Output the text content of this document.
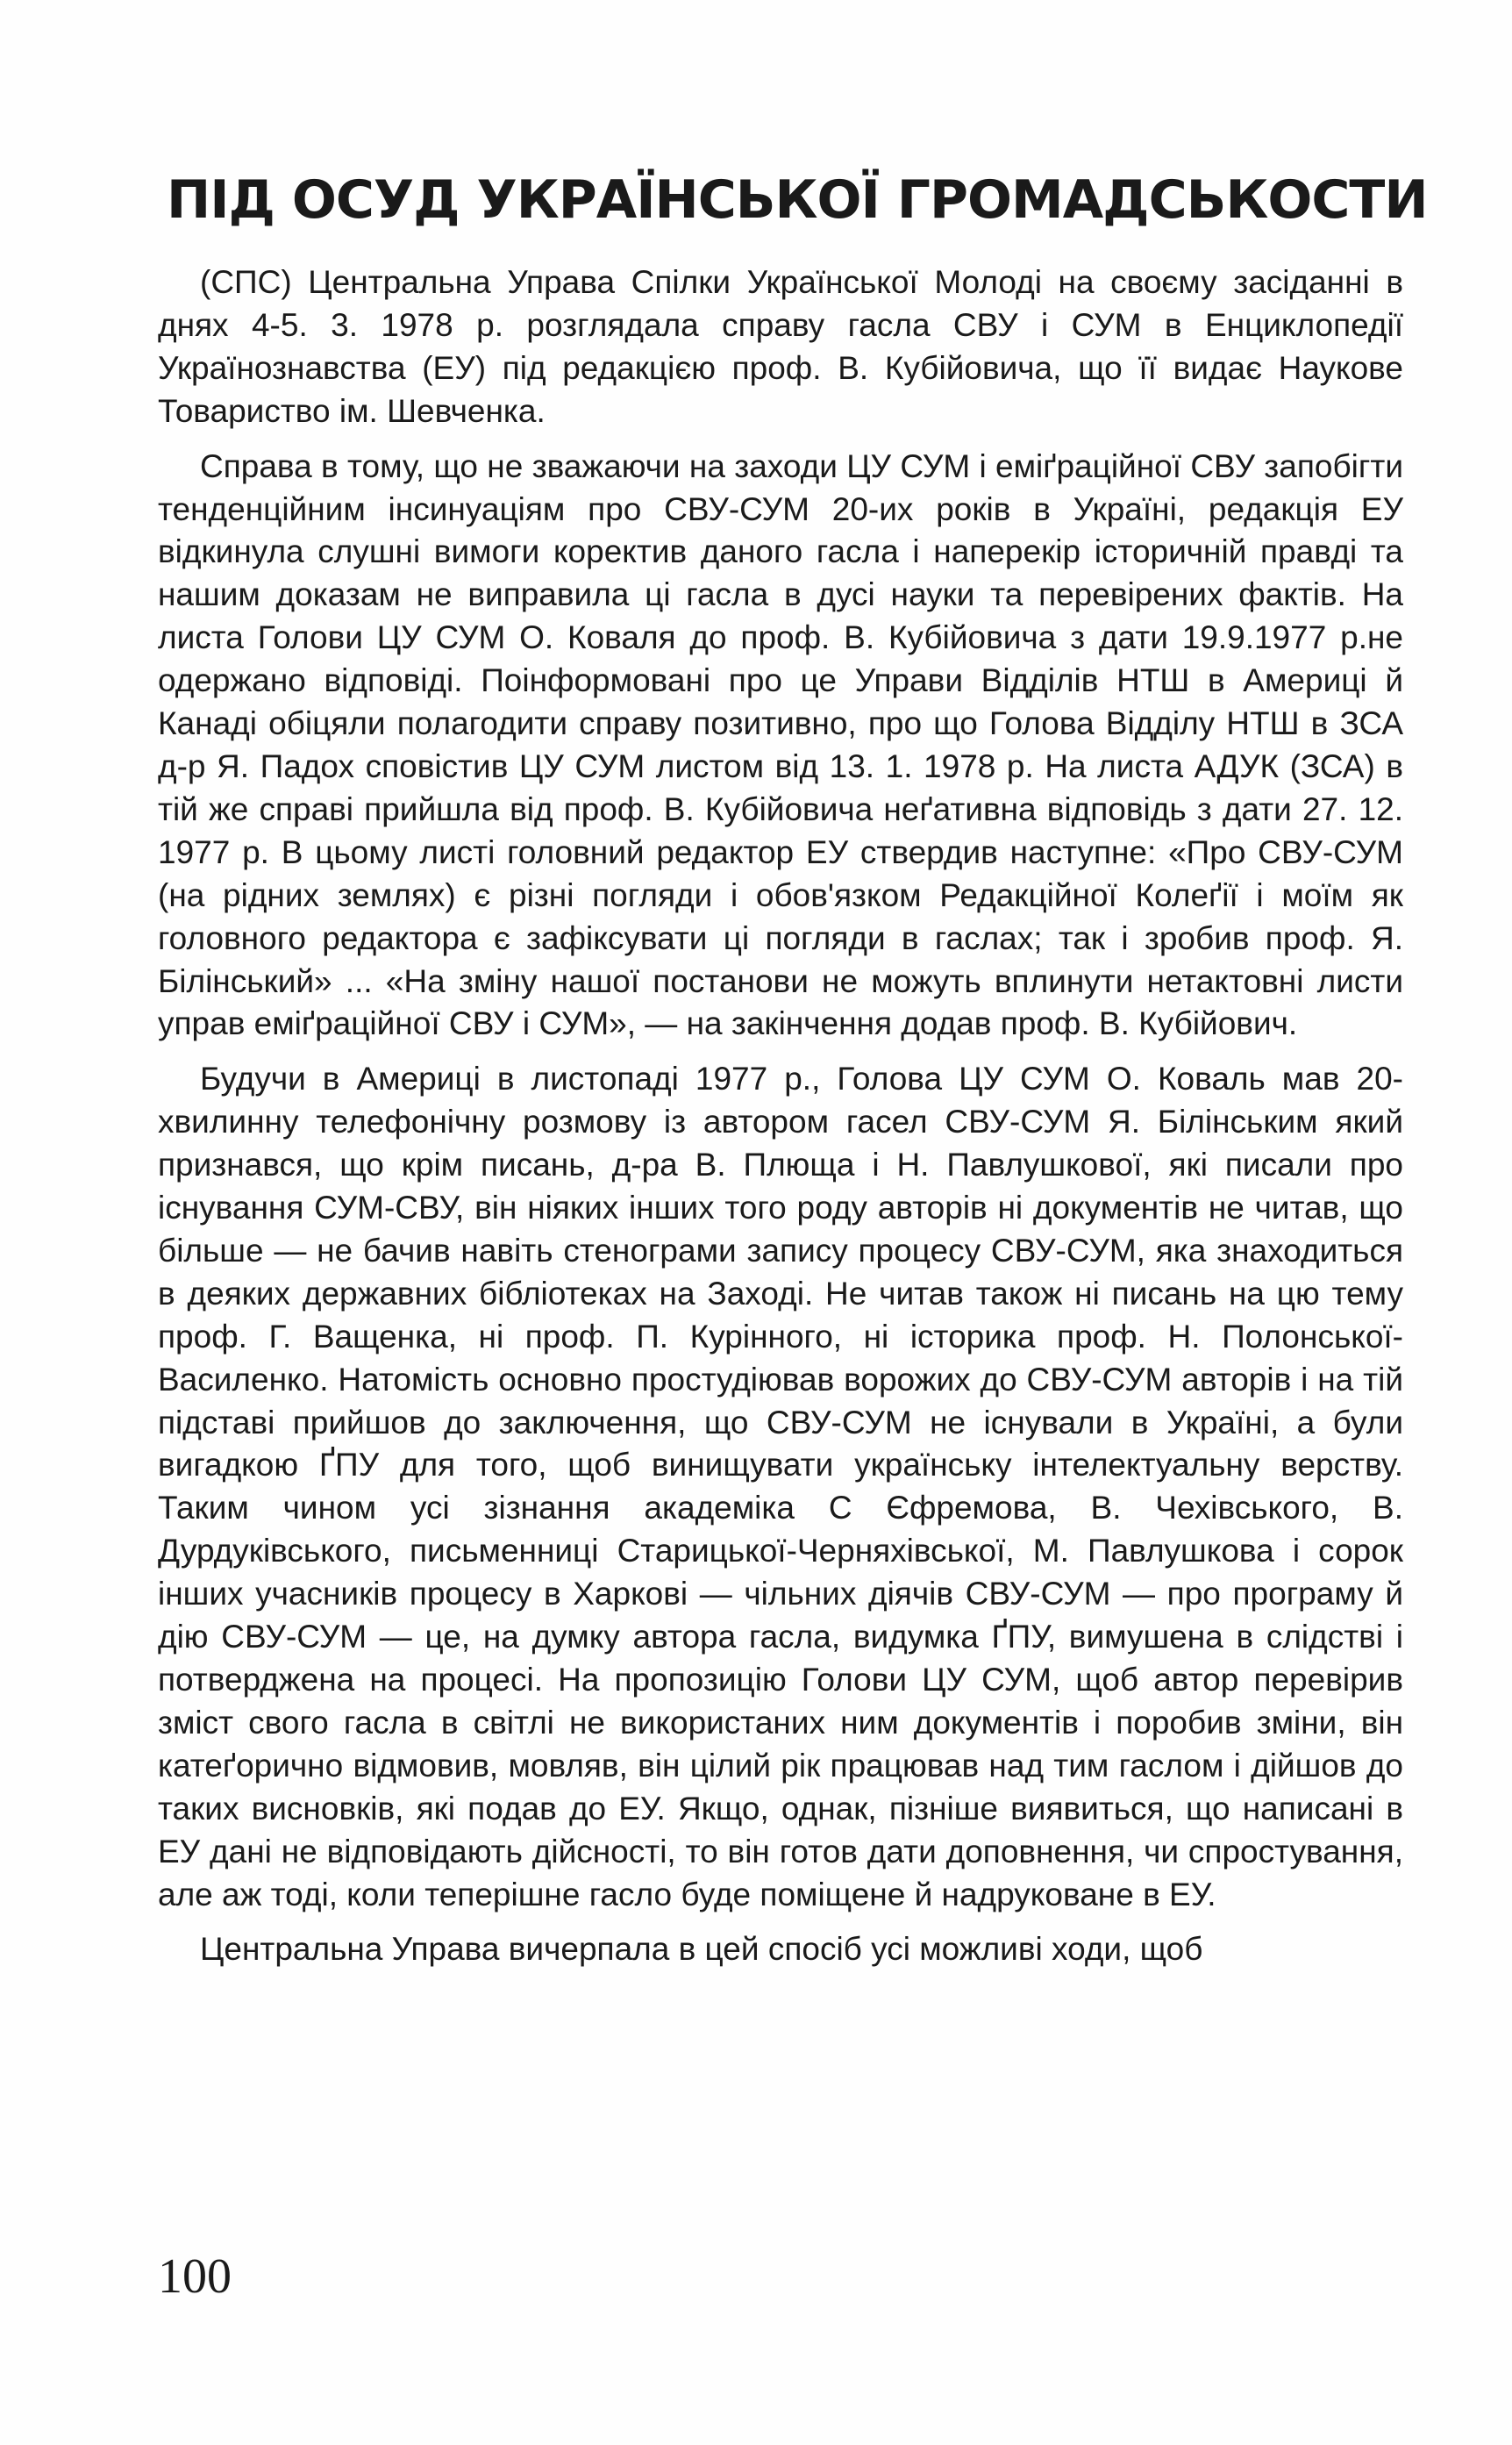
ПІД ОСУД УКРАЇНСЬКОЇ ГРОМАДСЬКОСТИ

(СПС) Центральна Управа Спілки Української Молоді на своєму засіданні в днях 4-5. 3. 1978 р. розглядала справу гасла СВУ і СУМ в Енциклопедії Українознавства (ЕУ) під редакцією проф. В. Кубійовича, що її видає Наукове Товариство ім. Шевченка.

Справа в тому, що не зважаючи на заходи ЦУ СУМ і еміґраційної СВУ запобігти тенденційним інсинуаціям про СВУ-СУМ 20-их років в Україні, редакція ЕУ відкинула слушні вимоги коректив даного гасла і наперекір історичній правді та нашим доказам не виправила ці гасла в дусі науки та перевірених фактів. На листа Голови ЦУ СУМ О. Коваля до проф. В. Кубійовича з дати 19.9.1977 р.не одержано відповіді. Поінформовані про це Управи Відділів НТШ в Америці й Канаді обіцяли полагодити справу позитивно, про що Голова Відділу НТШ в ЗСА д-р Я. Падох сповістив ЦУ СУМ листом від 13. 1. 1978 р. На листа АДУК (ЗСА) в тій же справі прийшла від проф. В. Кубійовича неґативна відповідь з дати 27. 12. 1977 р. В цьому листі головний редактор ЕУ ствердив наступне: «Про СВУ-СУМ (на рідних землях) є різні погляди і обов'язком Редакційної Колеґії і моїм як головного редактора є зафіксувати ці погляди в гаслах; так і зробив проф. Я. Білінський» ... «На зміну нашої постанови не можуть вплинути нетактовні листи управ еміґраційної СВУ і СУМ», — на закінчення додав проф. В. Кубійович.

Будучи в Америці в листопаді 1977 р., Голова ЦУ СУМ О. Коваль мав 20-хвилинну телефонічну розмову із автором гасел СВУ-СУМ Я. Білінським який признався, що крім писань, д-ра В. Плюща і Н. Павлушкової, які писали про існування СУМ-СВУ, він ніяких інших того роду авторів ні документів не читав, що більше — не бачив навіть стенограми запису процесу СВУ-СУМ, яка знаходиться в деяких державних бібліотеках на Заході. Не читав також ні писань на цю тему проф. Г. Ващенка, ні проф. П. Курінного, ні історика проф. Н. Полонської-Василенко. Натомість основно простудіював ворожих до СВУ-СУМ авторів і на тій підставі прийшов до заключення, що СВУ-СУМ не існували в Україні, а були вигадкою ҐПУ для того, щоб винищувати українську інтелектуальну верству. Таким чином усі зізнання академіка С Єфремова, В. Чехівського, В. Дурдуківського, письменниці Старицької-Черняхівської, М. Павлушкова і сорок інших учасників процесу в Харкові — чільних діячів СВУ-СУМ — про програму й дію СВУ-СУМ — це, на думку автора гасла, видумка ҐПУ, вимушена в слідстві і потверджена на процесі. На пропозицію Голови ЦУ СУМ, щоб автор перевірив зміст свого гасла в світлі не використаних ним документів і поробив зміни, він катеґорично відмовив, мовляв, він цілий рік працював над тим гаслом і дійшов до таких висновків, які подав до ЕУ. Якщо, однак, пізніше виявиться, що написані в ЕУ дані не відповідають дійсності, то він готов дати доповнення, чи спростування, але аж тоді, коли теперішне гасло буде поміщене й надруковане в ЕУ.

Центральна Управа вичерпала в цей спосіб усі можливі ходи, щоб

100
